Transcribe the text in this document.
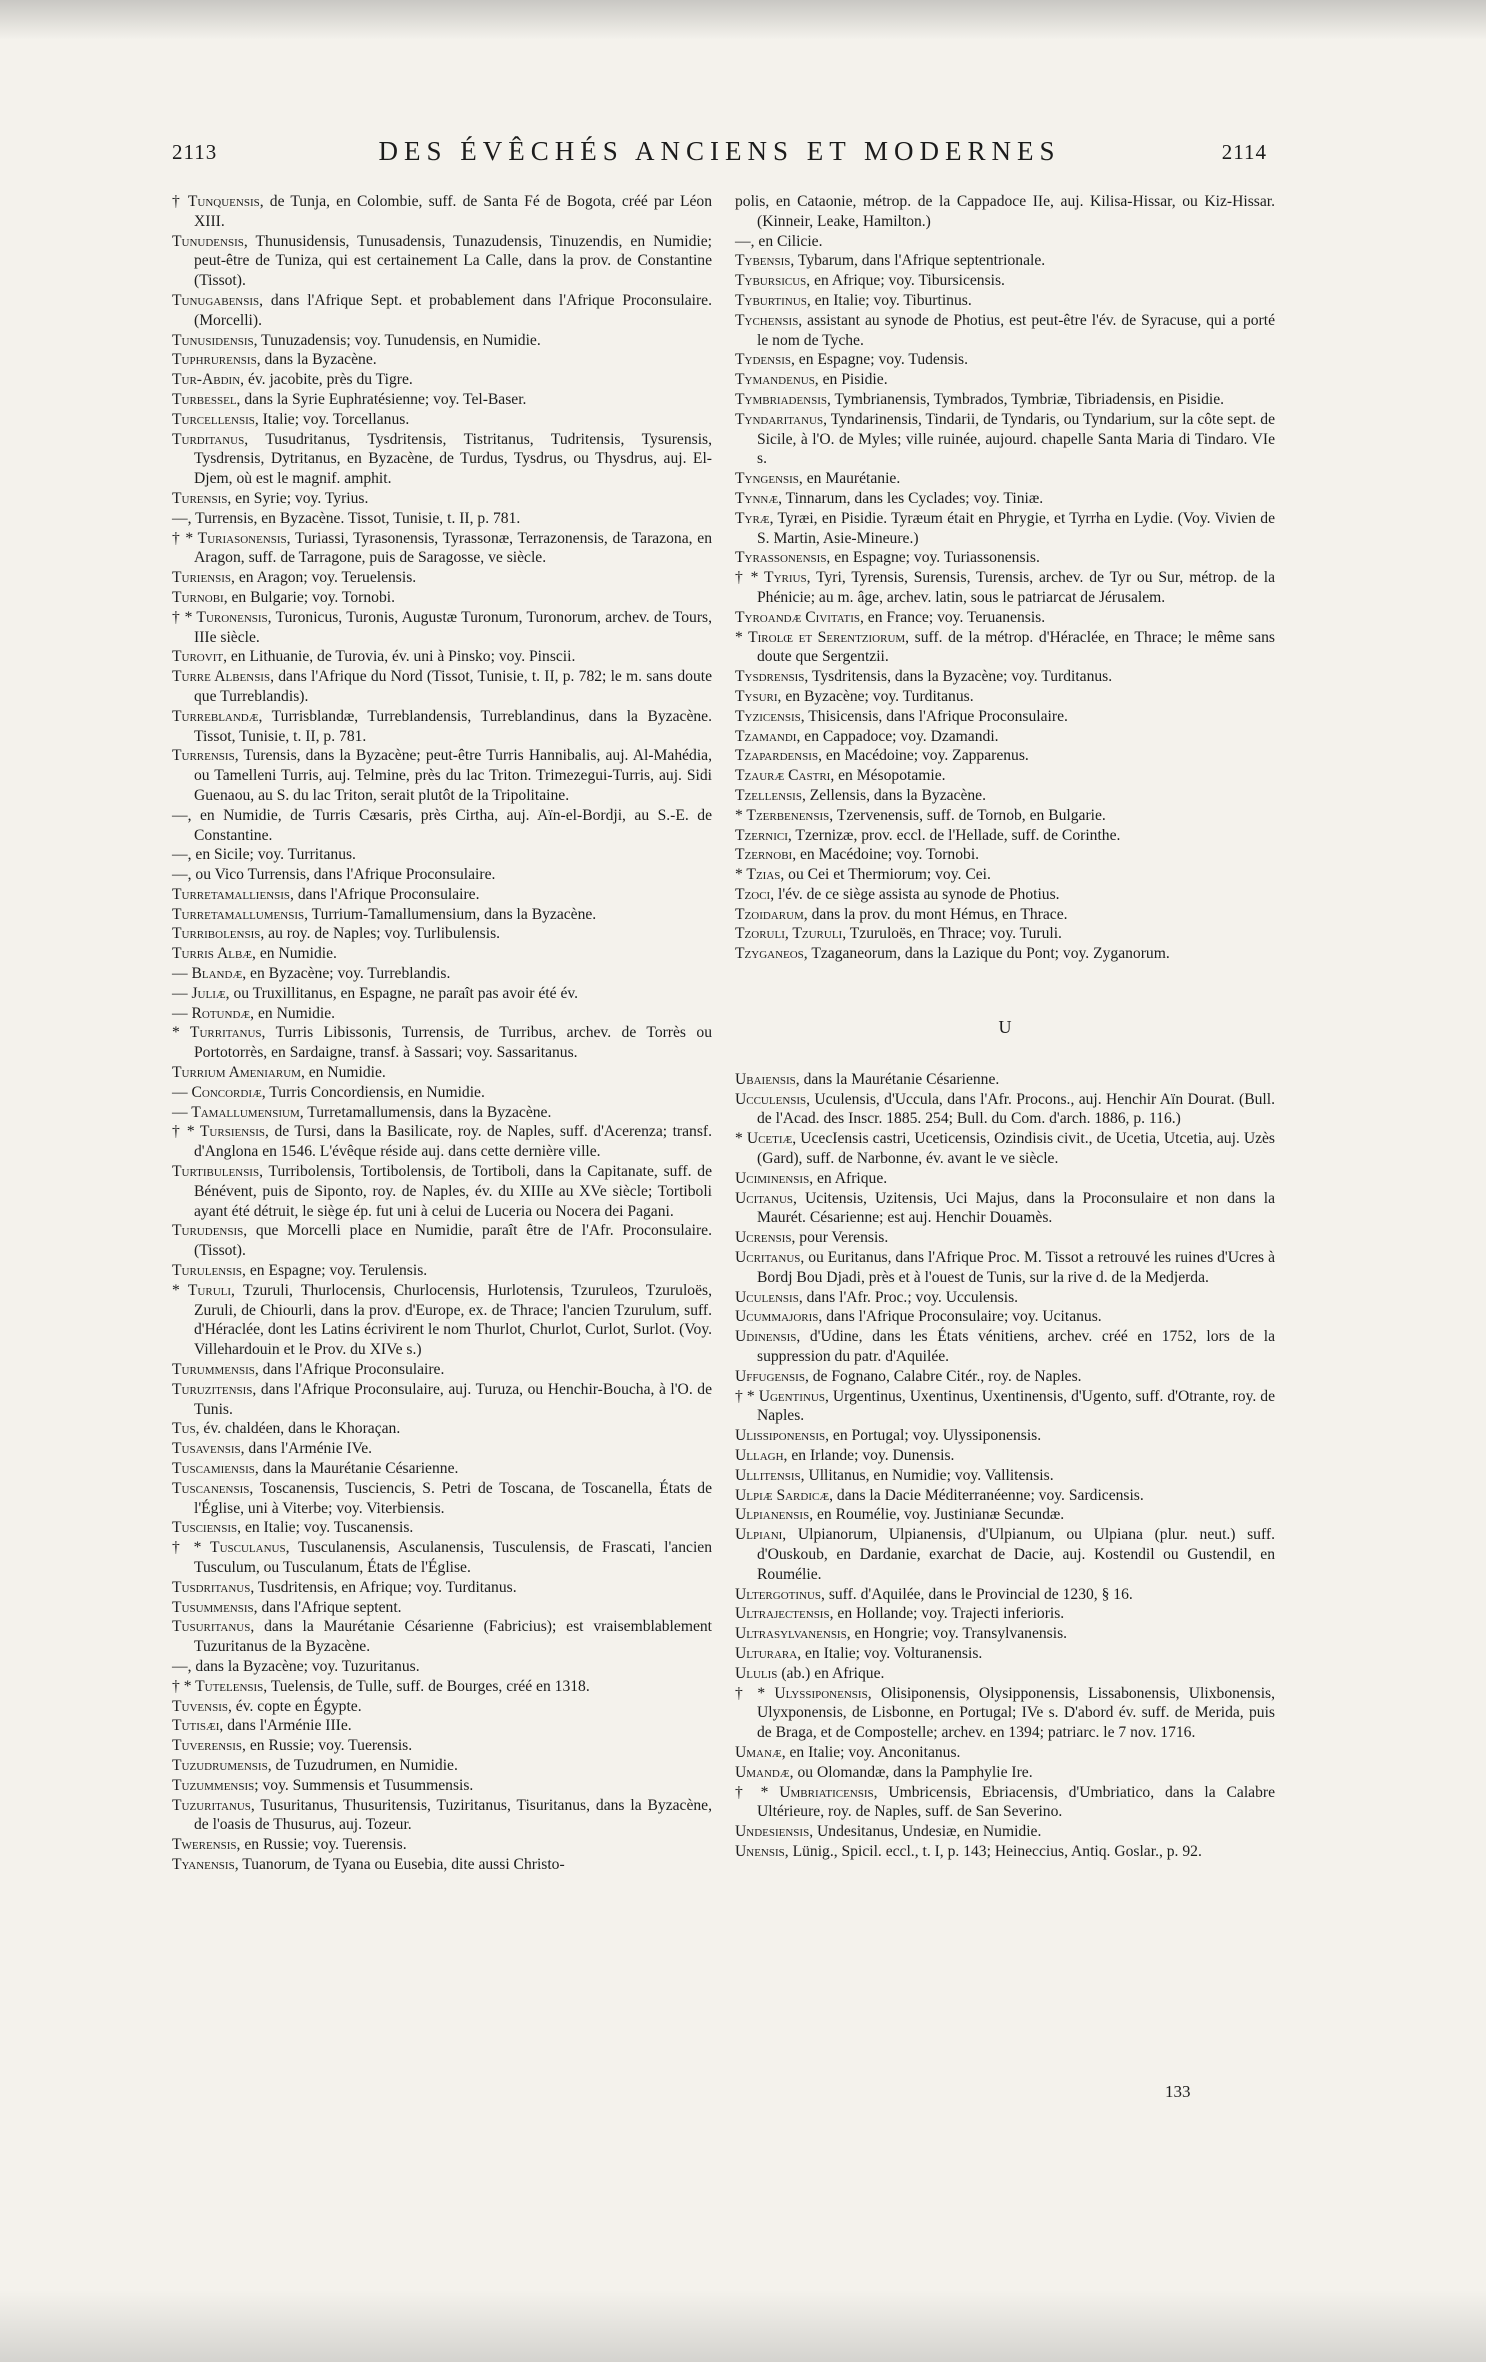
2113	DES ÉVÊCHÉS ANCIENS ET MODERNES	2114
† Tunquensis, de Tunja, en Colombie, suff. de Santa Fé de Bogota, créé par Léon XIII.
Tunudensis, Thunusidensis, Tunusadensis, Tunazudensis, Tinuzendis, en Numidie; peut-être de Tuniza, qui est certainement La Calle, dans la prov. de Constantine (Tissot).
Tunugabensis, dans l'Afrique Sept. et probablement dans l'Afrique Proconsulaire. (Morcelli).
Tunusidensis, Tunuzadensis; voy. Tunudensis, en Numidie.
Tuphrurensis, dans la Byzacène.
Tur-Abdin, év. jacobite, près du Tigre.
Turbessel, dans la Syrie Euphratésienne; voy. Tel-Baser.
Turcellensis, Italie; voy. Torcellanus.
Turditanus, Tusudritanus, Tysdritensis, Tistritanus, Tudritensis, Tysurensis, Tysdrensis, Dytritanus, en Byzacène, de Turdus, Tysdrus, ou Thysdrus, auj. El-Djem, où est le magnif. amphit.
Turensis, en Syrie; voy. Tyrius.
—, Turrensis, en Byzacène. Tissot, Tunisie, t. II, p. 781.
† * Turiasonensis, Turiassi, Tyrasonensis, Tyrassonæ, Terrazonensis, de Tarazona, en Aragon, suff. de Tarragone, puis de Saragosse, ve siècle.
Turiensis, en Aragon; voy. Teruelensis.
Turnobi, en Bulgarie; voy. Tornobi.
† * Turonensis, Turonicus, Turonis, Augustæ Turonum, Turonorum, archev. de Tours, IIIe siècle.
Turovit, en Lithuanie, de Turovia, év. uni à Pinsko; voy. Pinscii.
Turre Albensis, dans l'Afrique du Nord (Tissot, Tunisie, t. II, p. 782; le m. sans doute que Turreblandis).
Turreblandæ, Turrisblandæ, Turreblandensis, Turreblandinus, dans la Byzacène. Tissot, Tunisie, t. II, p. 781.
Turrensis, Turensis, dans la Byzacène; peut-être Turris Hannibalis, auj. Al-Mahédia, ou Tamelleni Turris, auj. Telmine, près du lac Triton. Trimezegui-Turris, auj. Sidi Guenaou, au S. du lac Triton, serait plutôt de la Tripolitaine.
—, en Numidie, de Turris Cæsaris, près Cirtha, auj. Aïn-el-Bordji, au S.-E. de Constantine.
—, en Sicile; voy. Turritanus.
—, ou Vico Turrensis, dans l'Afrique Proconsulaire.
Turretamalliensis, dans l'Afrique Proconsulaire.
Turretamallumensis, Turrium-Tamallumensium, dans la Byzacène.
Turribolensis, au roy. de Naples; voy. Turlibulensis.
Turris Albæ, en Numidie.
— Blandæ, en Byzacène; voy. Turreblandis.
— Juliæ, ou Truxillitanus, en Espagne, ne paraît pas avoir été év.
— Rotundæ, en Numidie.
* Turritanus, Turris Libissonis, Turrensis, de Turribus, archev. de Torrès ou Portotorrès, en Sardaigne, transf. à Sassari; voy. Sassaritanus.
Turrium Ameniarum, en Numidie.
— Concordiæ, Turris Concordiensis, en Numidie.
— Tamallumensium, Turretamallumensis, dans la Byzacène.
† * Tursiensis, de Tursi, dans la Basilicate, roy. de Naples, suff. d'Acerenza; transf. d'Anglona en 1546. L'évêque réside auj. dans cette dernière ville.
Turtibulensis, Turribolensis, Tortibolensis, de Tortiboli, dans la Capitanate, suff. de Bénévent, puis de Siponto, roy. de Naples, év. du XIIIe au XVe siècle; Tortiboli ayant été détruit, le siège ép. fut uni à celui de Luceria ou Nocera dei Pagani.
Turudensis, que Morcelli place en Numidie, paraît être de l'Afr. Proconsulaire. (Tissot).
Turulensis, en Espagne; voy. Terulensis.
* Turuli, Tzuruli, Thurlocensis, Churlocensis, Hurlotensis, Tzuruleos, Tzuruloës, Zuruli, de Chiourli, dans la prov. d'Europe, ex. de Thrace; l'ancien Tzurulum, suff. d'Héraclée, dont les Latins écrivirent le nom Thurlot, Churlot, Curlot, Surlot. (Voy. Villehardouin et le Prov. du XIVe s.)
Turummensis, dans l'Afrique Proconsulaire.
Turuzitensis, dans l'Afrique Proconsulaire, auj. Turuza, ou Henchir-Boucha, à l'O. de Tunis.
Tus, év. chaldéen, dans le Khoraçan.
Tusavensis, dans l'Arménie IVe.
Tuscamiensis, dans la Maurétanie Césarienne.
Tuscanensis, Toscanensis, Tuscienсis, S. Petri de Toscana, de Toscanella, États de l'Église, uni à Viterbe; voy. Viterbiensis.
Tusciensis, en Italie; voy. Tuscanensis.
† * Tusculanus, Tusculanensis, Asculanensis, Tusculensis, de Frascati, l'ancien Tusculum, ou Tusculanum, États de l'Église.
Tusdritanus, Tusdritensis, en Afrique; voy. Turditanus.
Tusummensis, dans l'Afrique septent.
Tusuritanus, dans la Maurétanie Césarienne (Fabricius); est vraisemblablement Tuzuritanus de la Byzacène.
—, dans la Byzacène; voy. Tuzuritanus.
† * Tutelensis, Tuelensis, de Tulle, suff. de Bourges, créé en 1318.
Tuvensis, év. copte en Égypte.
Tutisæi, dans l'Arménie IIIe.
Tuverensis, en Russie; voy. Tuerensis.
Tuzudrumensis, de Tuzudrumen, en Numidie.
Tuzummensis; voy. Summensis et Tusummensis.
Tuzuritanus, Tusuritanus, Thusuritensis, Tuziritanus, Tisuritanus, dans la Byzacène, de l'oasis de Thusurus, auj. Tozeur.
Twerensis, en Russie; voy. Tuerensis.
Tyanensis, Tuanorum, de Tyana ou Eusebia, dite aussi Christo-
polis, en Cataonie, métrop. de la Cappadoce IIe, auj. Kilisa-Hissar, ou Kiz-Hissar. (Kinneir, Leake, Hamilton.)
—, en Cilicie.
Tybensis, Tybarum, dans l'Afrique septentrionale.
Tybursicus, en Afrique; voy. Tibursicensis.
Tyburtinus, en Italie; voy. Tiburtinus.
Tychensis, assistant au synode de Photius, est peut-être l'év. de Syracuse, qui a porté le nom de Tyche.
Tydensis, en Espagne; voy. Tudensis.
Tymandenus, en Pisidie.
Tymbriadensis, Tymbrianensis, Tymbrados, Tymbriæ, Tibriadensis, en Pisidie.
Tyndaritanus, Tyndarinensis, Tindarii, de Tyndaris, ou Tyndarium, sur la côte sept. de Sicile, à l'O. de Myles; ville ruinée, aujourd. chapelle Santa Maria di Tindaro. VIe s.
Tyngensis, en Maurétanie.
Tynnæ, Tinnarum, dans les Cyclades; voy. Tiniæ.
Tyræ, Tyræi, en Pisidie. Tyræum était en Phrygie, et Tyrrha en Lydie. (Voy. Vivien de S. Martin, Asie-Mineure.)
Tyrassonensis, en Espagne; voy. Turiassonensis.
† * Tyrius, Tyri, Tyrensis, Surensis, Turensis, archev. de Tyr ou Sur, métrop. de la Phénicie; au m. âge, archev. latin, sous le patriarcat de Jérusalem.
Tyroandæ Civitatis, en France; voy. Teruanensis.
* Tirolœ et Serentziorum, suff. de la métrop. d'Héraclée, en Thrace; le même sans doute que Sergentzii.
Tysdrensis, Tysdritensis, dans la Byzacène; voy. Turditanus.
Tysuri, en Byzacène; voy. Turditanus.
Tyzicensis, Thisicensis, dans l'Afrique Proconsulaire.
Tzamandi, en Cappadoce; voy. Dzamandi.
Tzapardensis, en Macédoine; voy. Zapparenus.
Tzauræ Castri, en Mésopotamie.
Tzellensis, Zellensis, dans la Byzacène.
* Tzerbenensis, Tzervenensis, suff. de Tornob, en Bulgarie.
Tzernici, Tzernizæ, prov. eccl. de l'Hellade, suff. de Corinthe.
Tzernobi, en Macédoine; voy. Tornobi.
* Tzias, ou Cei et Thermiorum; voy. Cei.
Tzoci, l'év. de ce siège assista au synode de Photius.
Tzoidarum, dans la prov. du mont Hémus, en Thrace.
Tzoruli, Tzuruli, Tzuruloës, en Thrace; voy. Turuli.
Tzyganeos, Tzaganeorum, dans la Lazique du Pont; voy. Zyganorum.
U
Ubaiensis, dans la Maurétanie Césarienne.
Ucculensis, Uculensis, d'Uccula, dans l'Afr. Procons., auj. Henchir Aïn Dourat. (Bull. de l'Acad. des Inscr. 1885. 254; Bull. du Com. d'arch. 1886, p. 116.)
* Ucetiæ, UcecIensis castri, Uceticensis, Ozindisis civit., de Ucetia, Utcetia, auj. Uzès (Gard), suff. de Narbonne, év. avant le ve siècle.
Uciminensis, en Afrique.
Ucitanus, Ucitensis, Uzitensis, Uci Majus, dans la Proconsulaire et non dans la Maurét. Césarienne; est auj. Henchir Douamès.
Ucrensis, pour Verensis.
Ucritanus, ou Euritanus, dans l'Afrique Proc. M. Tissot a retrouvé les ruines d'Ucres à Bordj Bou Djadi, près et à l'ouest de Tunis, sur la rive d. de la Medjerda.
Uculensis, dans l'Afr. Proc.; voy. Ucculensis.
Ucummajoris, dans l'Afrique Proconsulaire; voy. Ucitanus.
Udinensis, d'Udine, dans les États vénitiens, archev. créé en 1752, lors de la suppression du patr. d'Aquilée.
Uffugensis, de Fognano, Calabre Citér., roy. de Naples.
† * Ugentinus, Urgentinus, Uxentinus, Uxentinensis, d'Ugento, suff. d'Otrante, roy. de Naples.
Ulissiponensis, en Portugal; voy. Ulyssiponensis.
Ullagh, en Irlande; voy. Dunensis.
Ullitensis, Ullitanus, en Numidie; voy. Vallitensis.
Ulpiæ Sardicæ, dans la Dacie Méditerranéenne; voy. Sardicensis.
Ulpianensis, en Roumélie, voy. Justinianæ Secundæ.
Ulpiani, Ulpianorum, Ulpianensis, d'Ulpianum, ou Ulpiana (plur. neut.) suff. d'Ouskoub, en Dardanie, exarchat de Dacie, auj. Kostendil ou Gustendil, en Roumélie.
Ultergotinus, suff. d'Aquilée, dans le Provincial de 1230, § 16.
Ultrajectensis, en Hollande; voy. Trajecti inferioris.
Ultrasylvanensis, en Hongrie; voy. Transylvanensis.
Ulturara, en Italie; voy. Volturanensis.
Ululis (ab.) en Afrique.
† * Ulyssiponensis, Olisiponensis, Olysipponensis, Lissabonensis, Ulixbonensis, Ulyxponensis, de Lisbonne, en Portugal; IVe s. D'abord év. suff. de Merida, puis de Braga, et de Compostelle; archev. en 1394; patriarc. le 7 nov. 1716.
Umanæ, en Italie; voy. Anconitanus.
Umandæ, ou Olomandæ, dans la Pamphylie Ire.
† * Umbriaticensis, Umbricensis, Ebriacensis, d'Umbriatico, dans la Calabre Ultérieure, roy. de Naples, suff. de San Severino.
Undesiensis, Undesitanus, Undesiæ, en Numidie.
Unensis, Lünig., Spicil. eccl., t. I, p. 143; Heineccius, Antiq. Goslar., p. 92.
133
